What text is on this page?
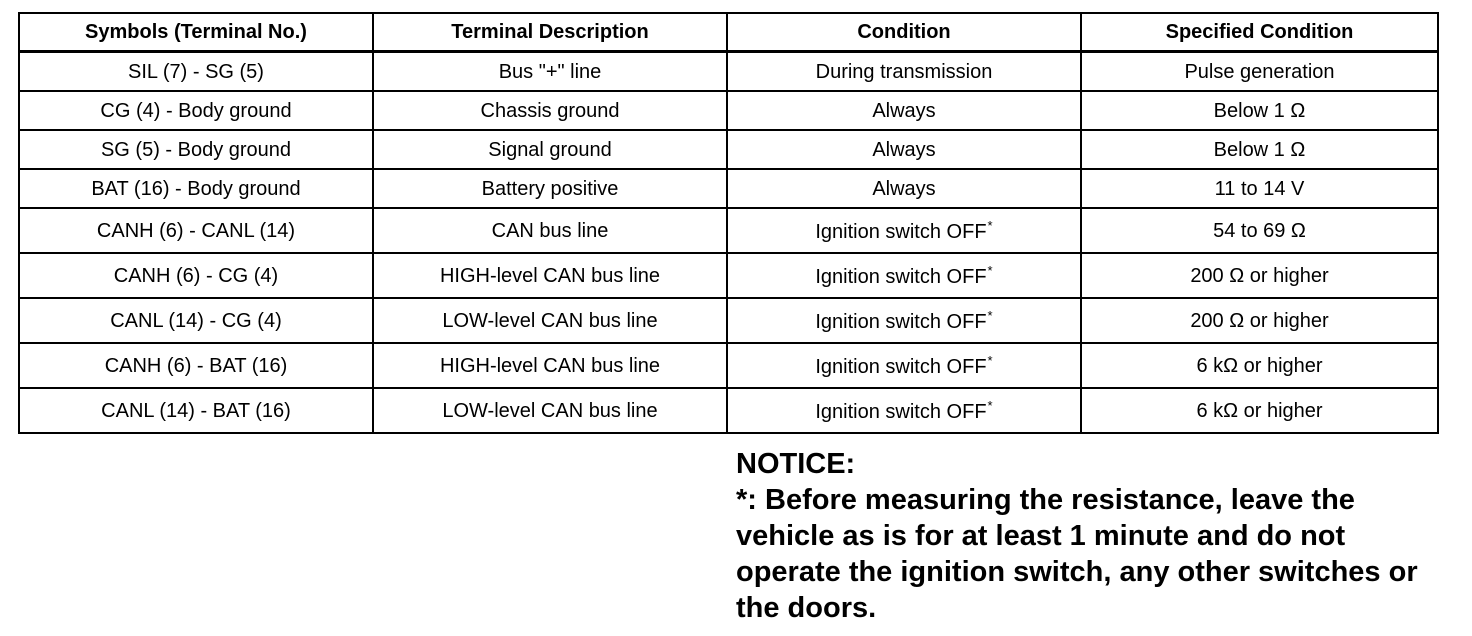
Symbols (Terminal No.)	Terminal Description	Condition	Specified Condition
SIL (7) - SG (5)	Bus "+" line	During transmission	Pulse generation
CG (4) - Body ground	Chassis ground	Always	Below 1 Ω
SG (5) - Body ground	Signal ground	Always	Below 1 Ω
BAT (16) - Body ground	Battery positive	Always	11 to 14 V
CANH (6) - CANL (14)	CAN bus line	Ignition switch OFF*	54 to 69 Ω
CANH (6) - CG (4)	HIGH-level CAN bus line	Ignition switch OFF*	200 Ω or higher
CANL (14) - CG (4)	LOW-level CAN bus line	Ignition switch OFF*	200 Ω or higher
CANH (6) - BAT (16)	HIGH-level CAN bus line	Ignition switch OFF*	6 kΩ or higher
CANL (14) - BAT (16)	LOW-level CAN bus line	Ignition switch OFF*	6 kΩ or higher
NOTICE:
*: Before measuring the resistance, leave the vehicle as is for at least 1 minute and do not operate the ignition switch, any other switches or the doors.
